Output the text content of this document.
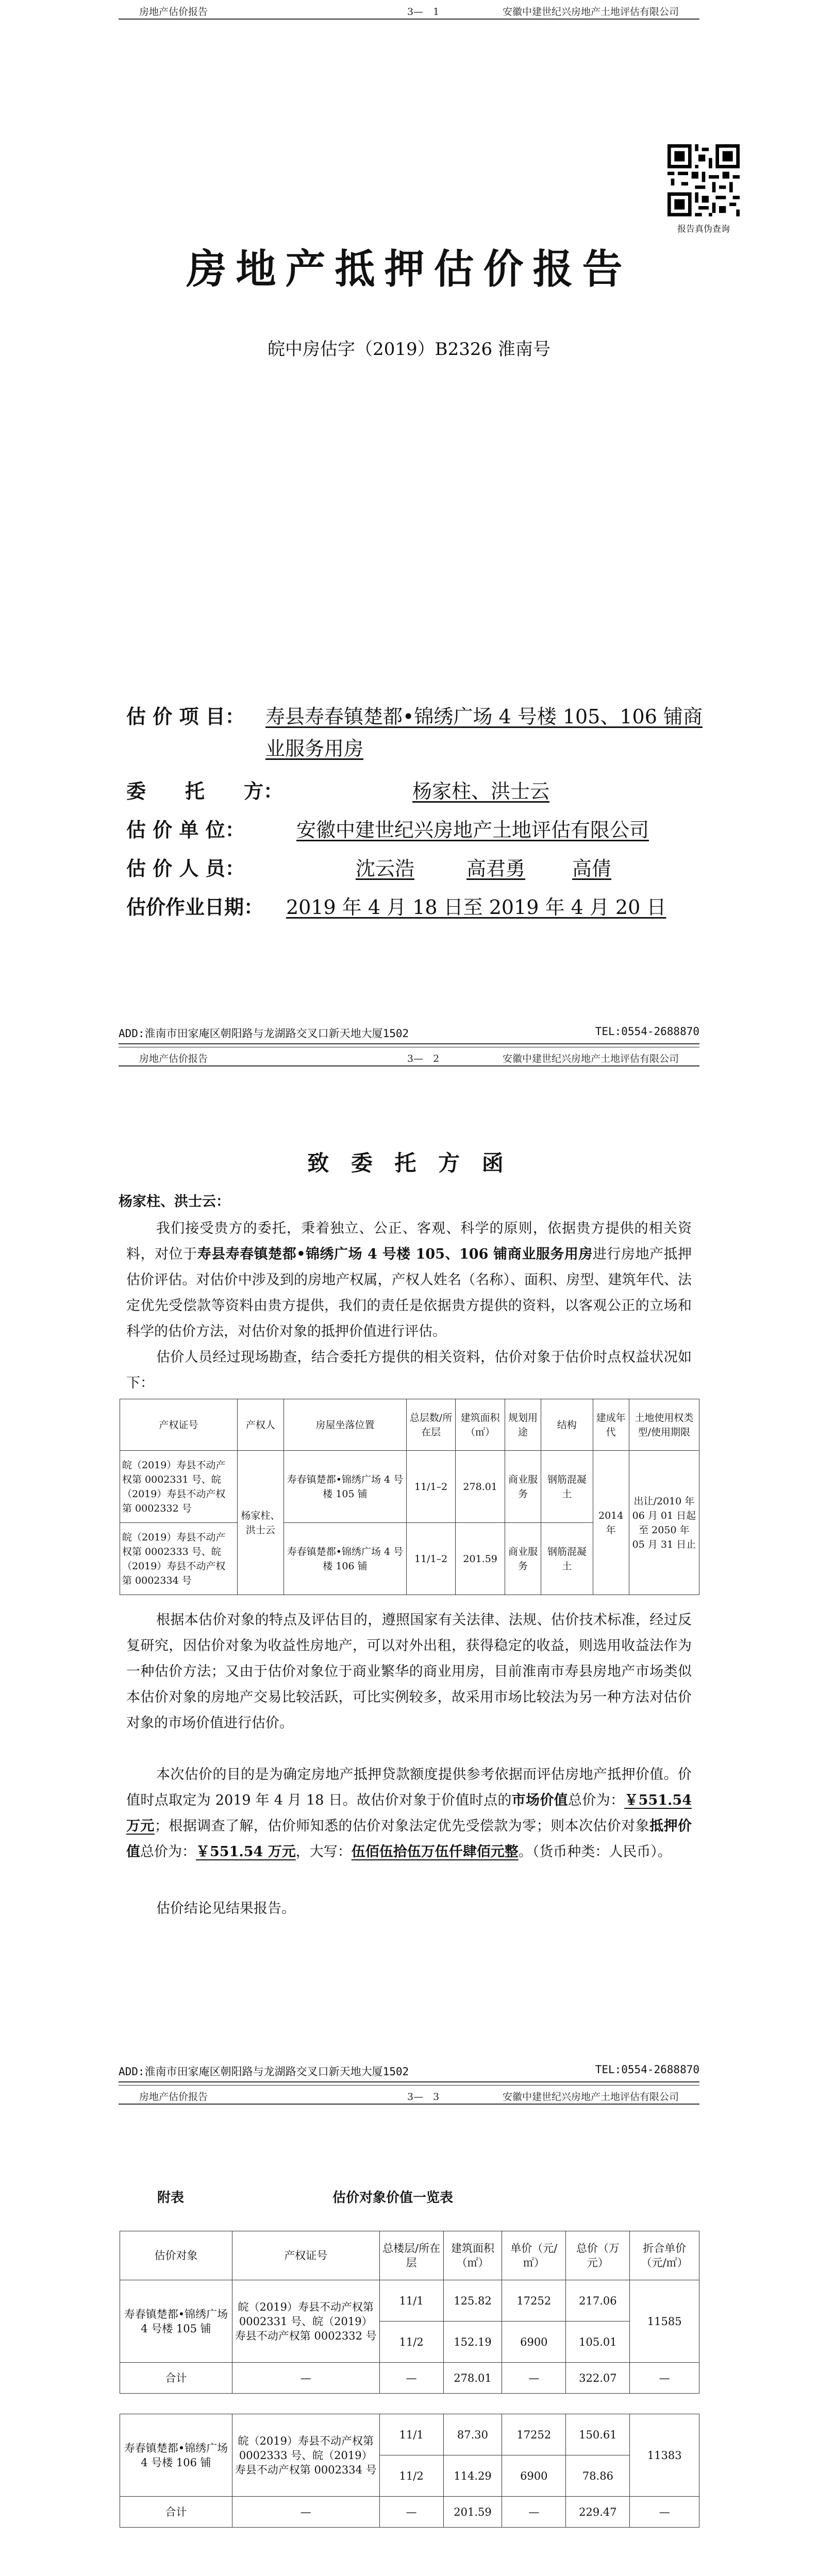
房地产估价报告	3—　1	安徽中建世纪兴房地产土地评估有限公司
报告真伪查询
房地产抵押估价报告
皖中房估字（2019）B2326 淮南号
估 价 项 目： 寿县寿春镇楚都•锦绣广场 4 号楼 105、106 铺商
业服务用房
委　　托　　方：	杨家柱、洪士云
估 价 单 位：	安徽中建世纪兴房地产土地评估有限公司
估 价 人 员：	沈云浩	高君勇 高倩
估价作业日期： 2019 年 4 月 18 日至 2019 年 4 月 20 日
ADD:淮南市田家庵区朝阳路与龙湖路交叉口新天地大厦1502	TEL:0554-2688870
房地产估价报告	3—　2	安徽中建世纪兴房地产土地评估有限公司
致 委 托 方 函
杨家柱、洪士云：
我们接受贵方的委托，秉着独立、公正、客观、科学的原则，依据贵方提供的相关资料，对位于寿县寿春镇楚都•锦绣广场 4 号楼 105、106 铺商业服务用房进行房地产抵押估价评估。对估价中涉及到的房地产权属，产权人姓名（名称）、面积、房型、建筑年代、法定优先受偿款等资料由贵方提供，我们的责任是依据贵方提供的资料，以客观公正的立场和科学的估价方法，对估价对象的抵押价值进行评估。
估价人员经过现场勘查，结合委托方提供的相关资料，估价对象于估价时点权益状况如下：
产权证号	产权人	房屋坐落位置	总层数/所在层	建筑面积（㎡）	规划用途	结构	建成年代	土地使用权类型/使用期限
皖（2019）寿县不动产权第 0002331 号、皖（2019）寿县不动产权第 0002332 号	杨家柱、洪士云	寿春镇楚都•锦绣广场 4 号楼 105 铺	11/1–2	278.01	商业服务	钢筋混凝土	2014 年	出让/2010 年 06 月 01 日起至 2050 年 05 月 31 日止
皖（2019）寿县不动产权第 0002333 号、皖（2019）寿县不动产权第 0002334 号		寿春镇楚都•锦绣广场 4 号楼 106 铺	11/1–2	201.59	商业服务	钢筋混凝土		
根据本估价对象的特点及评估目的，遵照国家有关法律、法规、估价技术标准，经过反复研究，因估价对象为收益性房地产，可以对外出租，获得稳定的收益，则选用收益法作为一种估价方法；又由于估价对象位于商业繁华的商业用房，目前淮南市寿县房地产市场类似本估价对象的房地产交易比较活跃，可比实例较多，故采用市场比较法为另一种方法对估价对象的市场价值进行估价。
本次估价的目的是为确定房地产抵押贷款额度提供参考依据而评估房地产抵押价值。价值时点取定为 2019 年 4 月 18 日。故估价对象于价值时点的市场价值总价为：￥551.54 万元；根据调查了解，估价师知悉的估价对象法定优先受偿款为零；则本次估价对象抵押价值总价为：￥551.54 万元，大写：伍佰伍拾伍万伍仟肆佰元整。（货币种类：人民币）。
估价结论见结果报告。
ADD:淮南市田家庵区朝阳路与龙湖路交叉口新天地大厦1502	TEL:0554-2688870
房地产估价报告	3—　3	安徽中建世纪兴房地产土地评估有限公司
附表	估价对象价值一览表
估价对象	产权证号	总楼层/所在层	建筑面积（㎡）	单价（元/㎡）	总价（万元）	折合单价（元/㎡）
寿春镇楚都•锦绣广场 4 号楼 105 铺	皖（2019）寿县不动产权第 0002331 号、皖（2019）寿县不动产权第 0002332 号	11/1	125.82	17252	217.06	11585
		11/2	152.19	6900	105.01	
合计	—	—	278.01	—	322.07	—

寿春镇楚都•锦绣广场 4 号楼 106 铺	皖（2019）寿县不动产权第 0002333 号、皖（2019）寿县不动产权第 0002334 号	11/1	87.30	17252	150.61	11383
		11/2	114.29	6900	78.86	
合计	—	—	201.59	—	229.47	—
